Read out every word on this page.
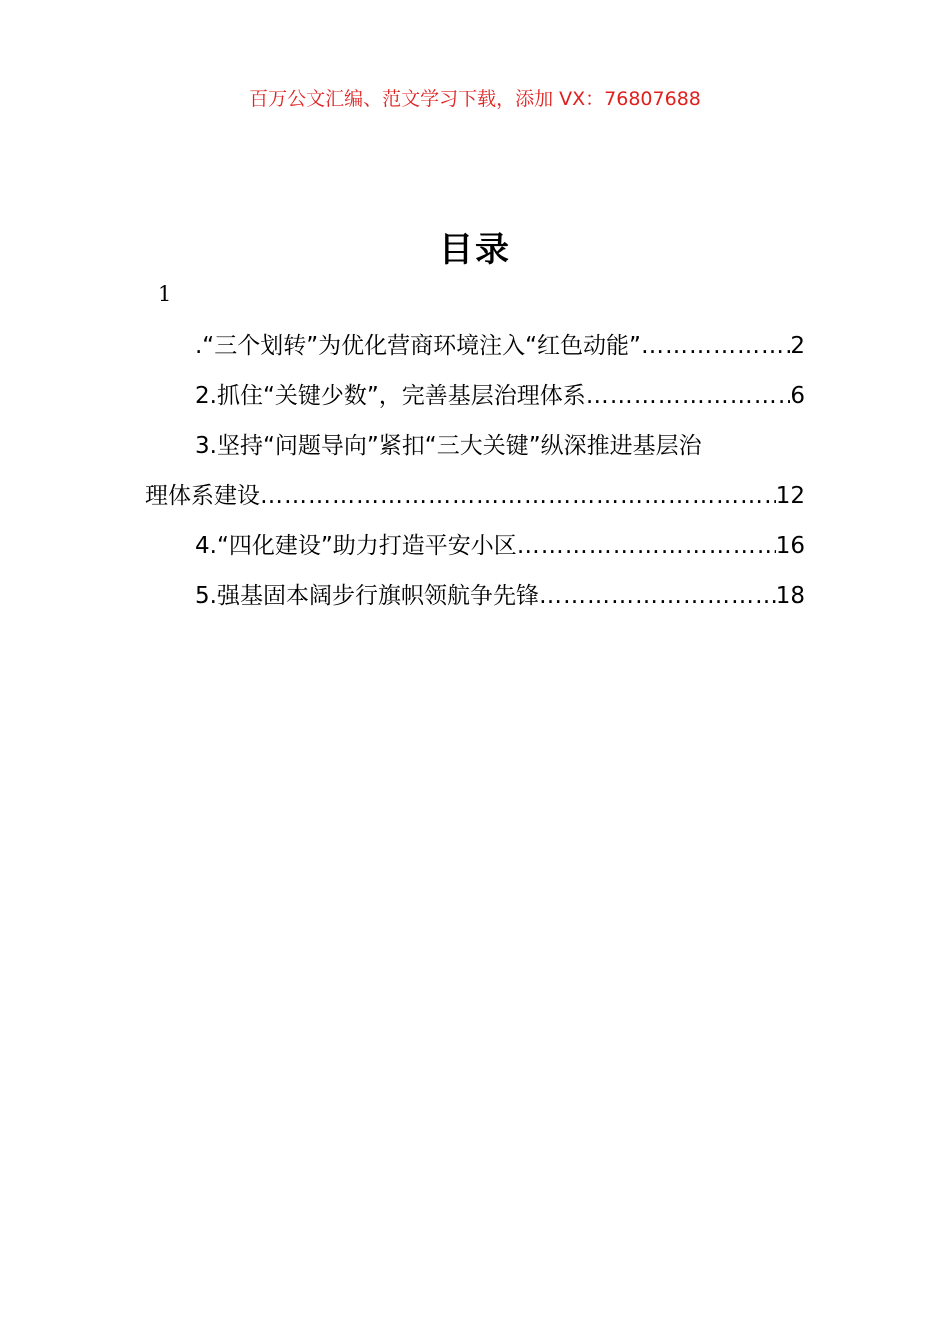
百万公文汇编、范文学习下载，添加 VX：76807688
目录
1
.“三个划转”为优化营商环境注入“红色动能” …………………………………………………………………………………………………………………………………………	2
2.抓住“关键少数”，完善基层治理体系 …………………………………………………………………………………………………………………………………………	6
3.坚持“问题导向”紧扣“三大关键”纵深推进基层治
理体系建设 …………………………………………………………………………………………………………………………………………	12
4.“四化建设”助力打造平安小区 …………………………………………………………………………………………………………………………………………	16
5.强基固本阔步行旗帜领航争先锋 …………………………………………………………………………………………………………………………………………	18
